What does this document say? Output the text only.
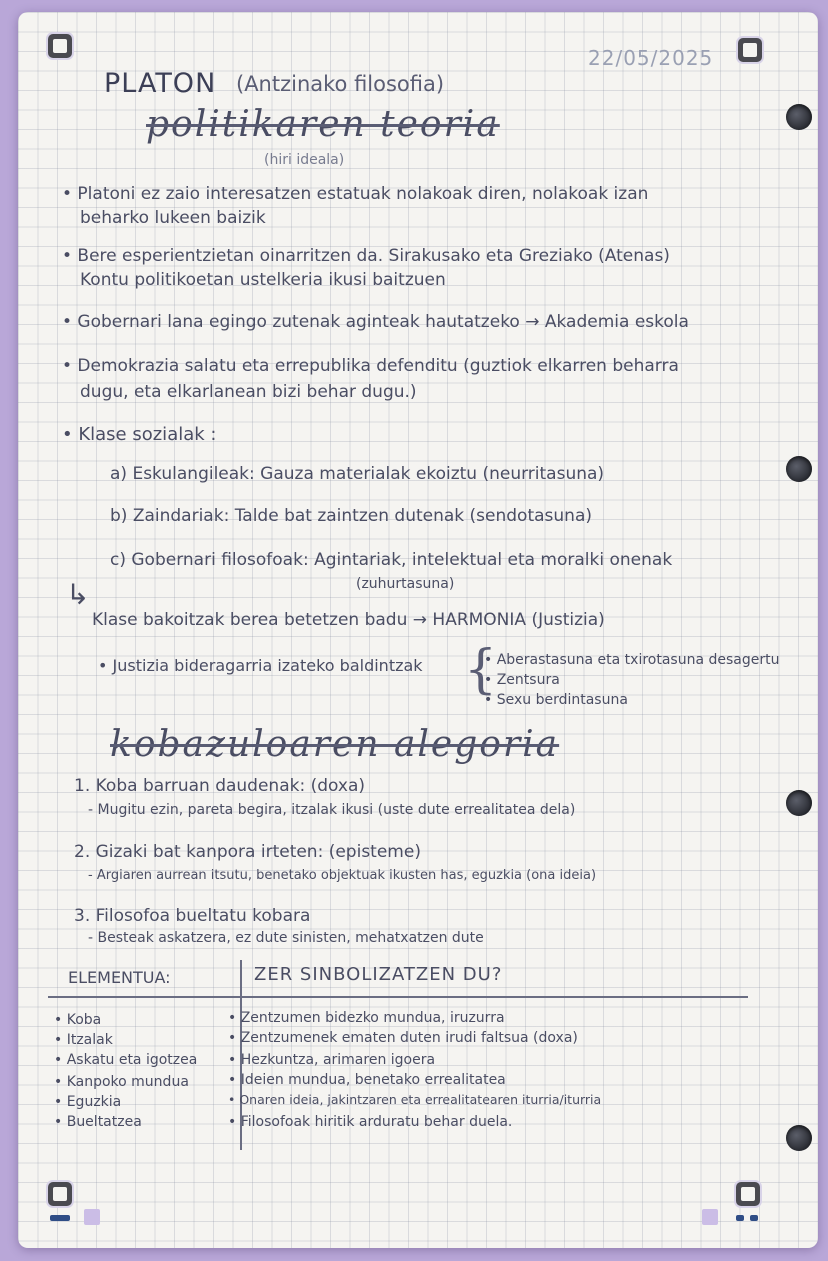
22/05/2025
PLATON (Antzinako filosofia)
politikaren teoria
(hiri ideala)
• Platoni ez zaio interesatzen estatuak nolakoak diren, nolakoak izan
beharko lukeen baizik
• Bere esperientzietan oinarritzen da. Sirakusako eta Greziako (Atenas)
Kontu politikoetan ustelkeria ikusi baitzuen
• Gobernari lana egingo zutenak aginteak hautatzeko → Akademia eskola
• Demokrazia salatu eta errepublika defenditu (guztiok elkarren beharra
dugu, eta elkarlanean bizi behar dugu.)
• Klase sozialak :
a) Eskulangileak: Gauza materialak ekoiztu (neurritasuna)
b) Zaindariak: Talde bat zaintzen dutenak (sendotasuna)
c) Gobernari filosofoak: Agintariak, intelektual eta moralki onenak
(zuhurtasuna)
↳
Klase bakoitzak berea betetzen badu → HARMONIA (Justizia)
• Justizia bideragarria izateko baldintzak {
• Aberastasuna eta txirotasuna desagertu
• Zentsura
• Sexu berdintasuna
kobazuloaren alegoria
1. Koba barruan daudenak: (doxa)
- Mugitu ezin, pareta begira, itzalak ikusi (uste dute errealitatea dela)
2. Gizaki bat kanpora irteten: (episteme)
- Argiaren aurrean itsutu, benetako objektuak ikusten has, eguzkia (ona ideia)
3. Filosofoa bueltatu kobara
- Besteak askatzera, ez dute sinisten, mehatxatzen dute
ELEMENTUA:	ZER SINBOLIZATZEN DU?
• Koba	• Zentzumen bidezko mundua, iruzurra
• Itzalak	• Zentzumenek ematen duten irudi faltsua (doxa)
• Askatu eta igotzea • Hezkuntza, arimaren igoera
• Kanpoko mundua	• Ideien mundua, benetako errealitatea
• Eguzkia	• Onaren ideia, jakintzaren eta errealitatearen iturria/iturria
• Bueltatzea	• Filosofoak hiritik arduratu behar duela.
